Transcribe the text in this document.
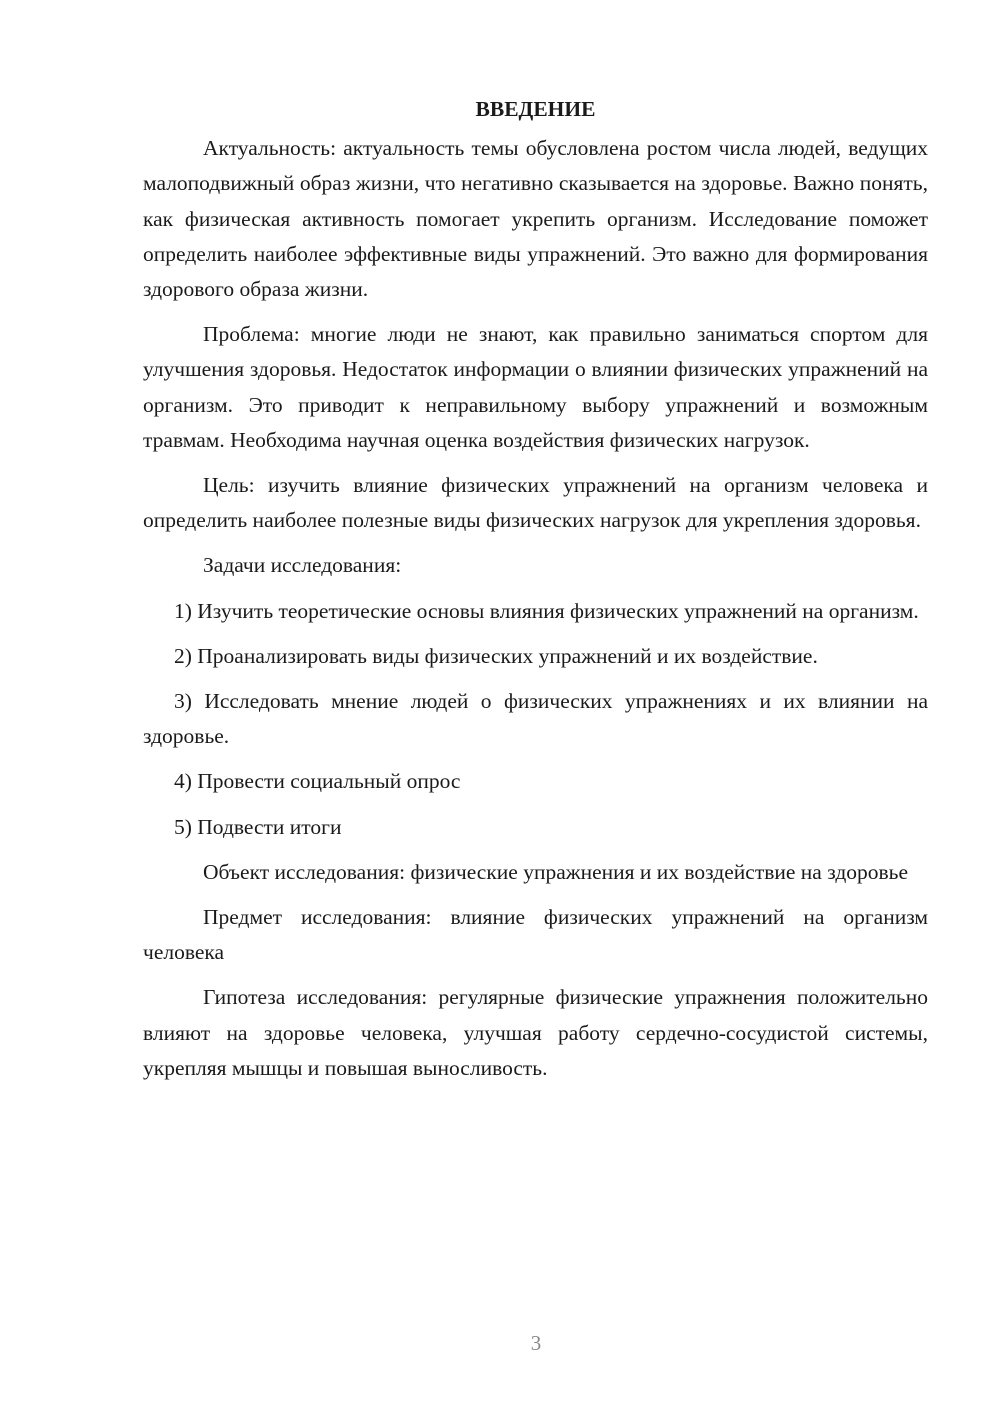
ВВЕДЕНИЕ

Актуальность: актуальность темы обусловлена ростом числа людей, ведущих малоподвижный образ жизни, что негативно сказывается на здоровье. Важно понять, как физическая активность помогает укрепить организм. Исследование поможет определить наиболее эффективные виды упражнений. Это важно для формирования здорового образа жизни.

Проблема: многие люди не знают, как правильно заниматься спортом для улучшения здоровья. Недостаток информации о влиянии физических упражнений на организм. Это приводит к неправильному выбору упражнений и возможным травмам. Необходима научная оценка воздействия физических нагрузок.

Цель: изучить влияние физических упражнений на организм человека и определить наиболее полезные виды физических нагрузок для укрепления здоровья.

Задачи исследования:

1) Изучить теоретические основы влияния физических упражнений на организм.

2) Проанализировать виды физических упражнений и их воздействие.

3) Исследовать мнение людей о физических упражнениях и их влиянии на здоровье.

4) Провести социальный опрос

5) Подвести итоги

Объект исследования: физические упражнения и их воздействие на здоровье

Предмет исследования: влияние физических упражнений на организм человека

Гипотеза исследования: регулярные физические упражнения положительно влияют на здоровье человека, улучшая работу сердечно-сосудистой системы, укрепляя мышцы и повышая выносливость.

3
